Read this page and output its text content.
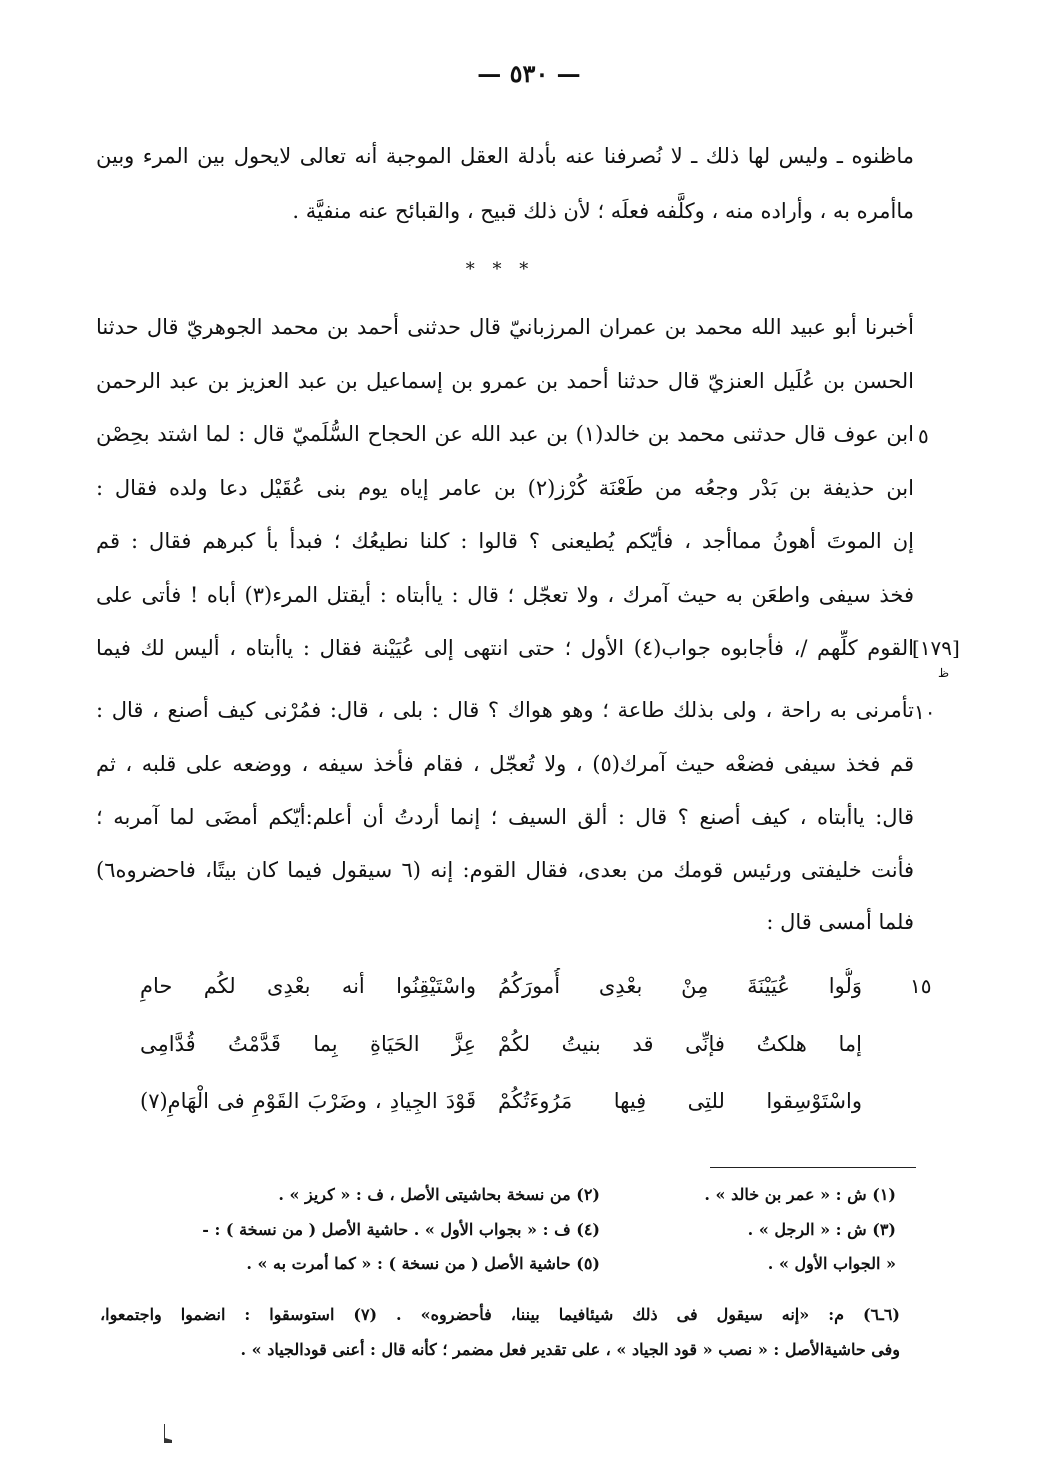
— ٥٣٠ —
ماظنوه ـ وليس لها ذلك ـ لا نُصرفنا عنه بأدلة العقل الموجبة أنه تعالى لايحول بين المرء وبين
ماأمره به ، وأراده منه ، وكلَّفه فعلَه ؛ لأن ذلك قبيح ، والقبائح عنه منفيَّة .
* * *
أخبرنا أبو عبيد الله محمد بن عمران المرزبانيّ قال حدثنى أحمد بن محمد الجوهريّ قال حدثنا
الحسن بن عُلَيل العنزيّ قال حدثنا أحمد بن عمرو بن إسماعيل بن عبد العزيز بن عبد الرحمن
ابن عوف قال حدثنى محمد بن خالد(١) بن عبد الله عن الحجاح السُّلَميّ قال : لما اشتد بحِصْن
ابن حذيفة بن بَدْر وجعُه من طَعْنَة كُرْز(٢) بن عامر إياه يوم بنى عُقَيْل دعا ولده فقال :
إن الموتَ أهونُ مماأجد ، فأيّكم يُطيعنى ؟ قالوا : كلنا نطيعُك ؛ فبدأ بأ كبرهم فقال : قم
فخذ سيفى واطعَن به حيث آمرك ، ولا تعجّل ؛ قال : ياأبتاه : أيقتل المرء(٣) أباه ! فأتى على
القوم كلِّهم /، فأجابوه جواب(٤) الأول ؛ حتى انتهى إلى عُيَيْنة فقال : ياأبتاه ، أليس لك فيما
تأمرنى به راحة ، ولى بذلك طاعة ؛ وهو هواك ؟ قال : بلى ، قال: فمُرْنى كيف أصنع ، قال :
قم فخذ سيفى فضعْه حيث آمرك(٥) ، ولا تُعجّل ، فقام فأخذ سيفه ، ووضعه على قلبه ، ثم
قال: ياأبتاه ، كيف أصنع ؟ قال : ألق السيف ؛ إنما أردتُ أن أعلم:أيّكم أمضَى لما آمربه ؛
فأنت خليفتى ورئيس قومك من بعدى، فقال القوم: إنه (٦ سيقول فيما كان بيتًا، فاحضروه٦)
فلما أمسى قال :
٥
١٠
[١٧٩]
ظ
١٥
وَلُّوا عُيَيْنَةَ مِنْ بعْدِى أُمورَكُمُ
واسْتَيْقِنُوا أنه بعْدِى لكُم حامِ
إما هلكتُ فإنِّى قد بنيتُ لكُمْ
عِزَّ الحَيَاةِ بِما قَدَّمْتُ قُدَّامِى
واسْتَوْسِقوا للتِى فِيها مَرُوءَتُكُمْ
قَوْدَ الجِيادِ ، وضَرْبَ القَوْمِ فى الْهَامِ(٧)
(١) ش : « عمر بن خالد » .
(٢) من نسخة بحاشيتى الأصل ، ف : « كريز » .
(٣) ش : « الرجل » .
(٤) ف : « بجواب الأول » . حاشية الأصل ( من نسخة ) : -
« الجواب الأول » .
(٥) حاشية الأصل ( من نسخة ) : « كما أمرت به » .
(٦ـ٦) م: «إنه سيقول فى ذلك شيئافيما بيننا، فأحضروه» . (٧) استوسقوا : انضموا واجتمعوا،
وفى حاشيةالأصل : « نصب « قود الجياد » ، على تقدير فعل مضمر ؛ كأنه قال : أعنى قودالجياد » .
